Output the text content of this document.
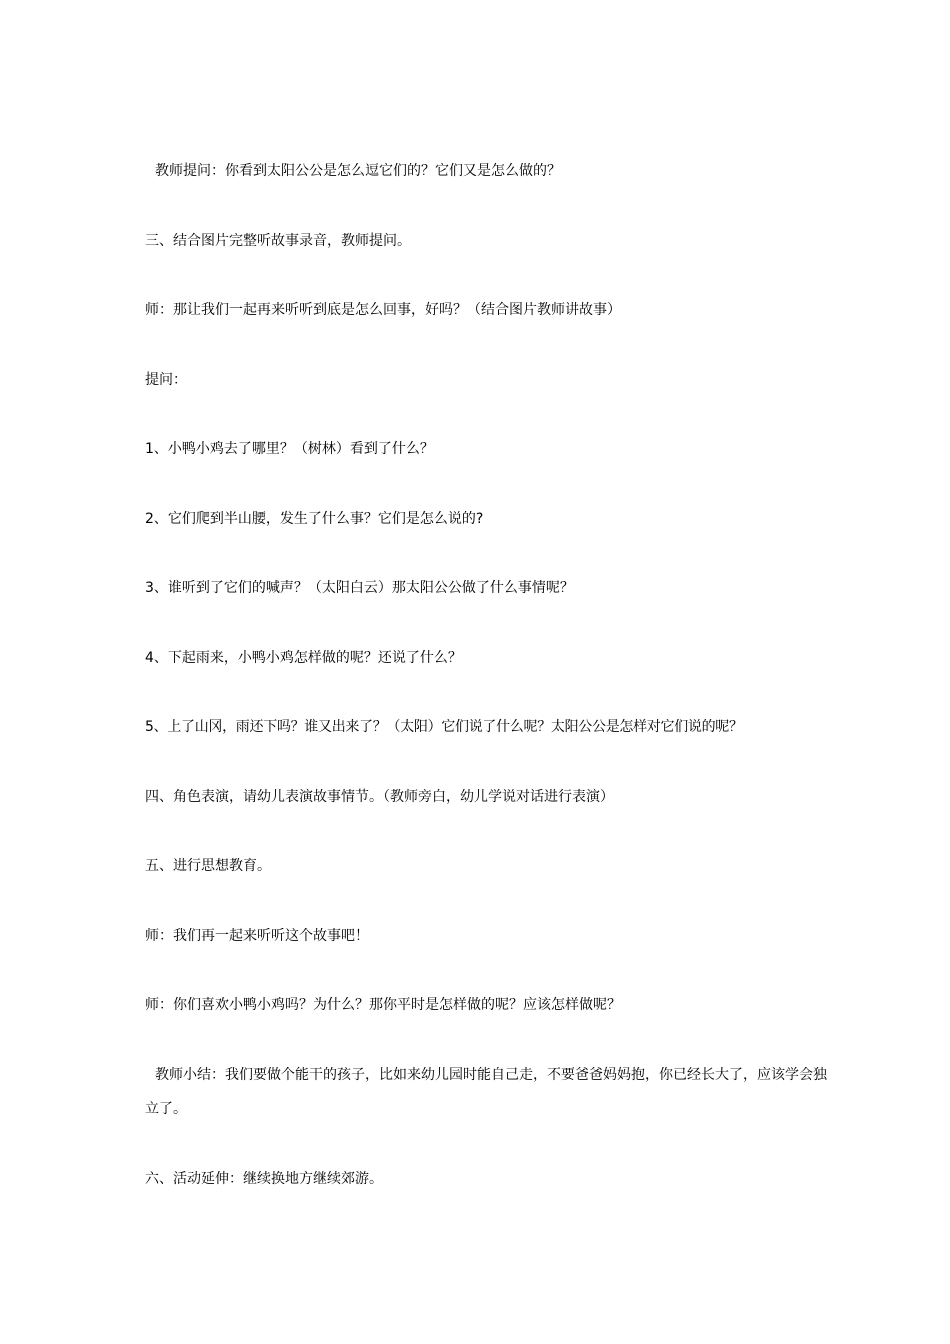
教师提问：你看到太阳公公是怎么逗它们的？它们又是怎么做的？
三、结合图片完整听故事录音，教师提问。
师：那让我们一起再来听听到底是怎么回事，好吗？（结合图片教师讲故事）
提问：
1、小鸭小鸡去了哪里？（树林）看到了什么？
2、它们爬到半山腰，发生了什么事？它们是怎么说的?
3、谁听到了它们的喊声？（太阳白云）那太阳公公做了什么事情呢？
4、下起雨来，小鸭小鸡怎样做的呢？还说了什么？
5、上了山冈，雨还下吗？谁又出来了？（太阳）它们说了什么呢？太阳公公是怎样对它们说的呢？
四、角色表演，请幼儿表演故事情节。（教师旁白，幼儿学说对话进行表演）
五、进行思想教育。
师：我们再一起来听听这个故事吧！
师：你们喜欢小鸭小鸡吗？为什么？那你平时是怎样做的呢？应该怎样做呢？
教师小结：我们要做个能干的孩子，比如来幼儿园时能自己走，不要爸爸妈妈抱，你已经长大了，应该学会独立了。
六、活动延伸：继续换地方继续郊游。
